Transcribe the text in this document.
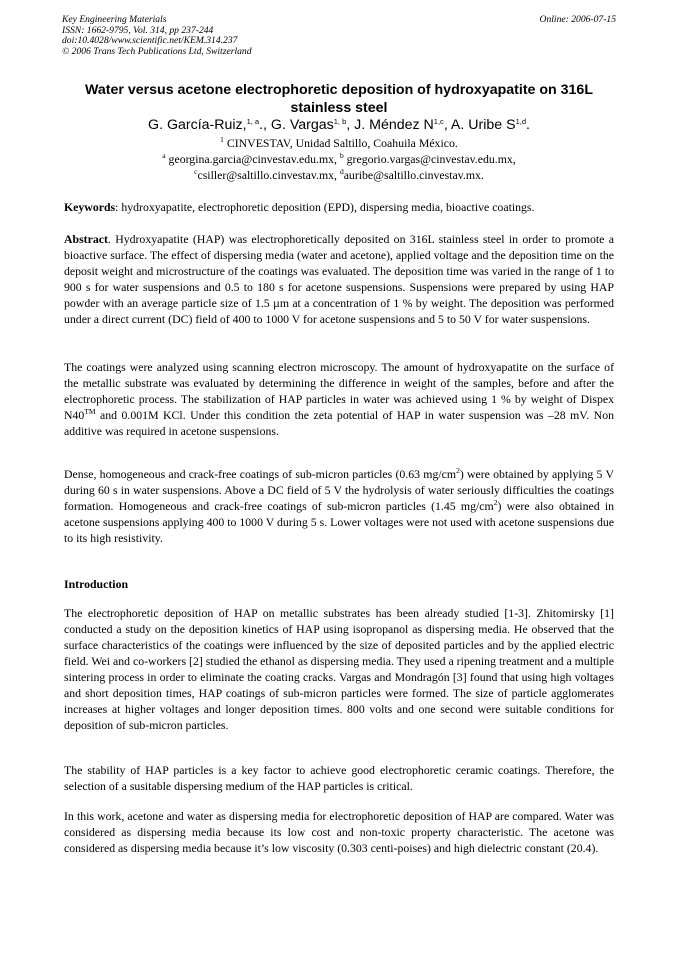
Key Engineering Materials
ISSN: 1662-9795, Vol. 314, pp 237-244
doi:10.4028/www.scientific.net/KEM.314.237
© 2006 Trans Tech Publications Ltd, Switzerland
Online: 2006-07-15
Water versus acetone electrophoretic deposition of hydroxyapatite on 316L stainless steel
G. García-Ruiz,$^{1, a}$., G. Vargas$^{1, b}$, J. Méndez N$^{1,c}$, A. Uribe S$^{1,d}$.
$^1$ CINVESTAV, Unidad Saltillo, Coahuila México.
$^a$ georgina.garcia@cinvestav.edu.mx, $^b$ gregorio.vargas@cinvestav.edu.mx,
$^c$csiller@saltillo.cinvestav.mx, $^d$auribe@saltillo.cinvestav.mx.
Keywords: hydroxyapatite, electrophoretic deposition (EPD), dispersing media, bioactive coatings.
Abstract. Hydroxyapatite (HAP) was electrophoretically deposited on 316L stainless steel in order to promote a bioactive surface. The effect of dispersing media (water and acetone), applied voltage and the deposition time on the deposit weight and microstructure of the coatings was evaluated. The deposition time was varied in the range of 1 to 900 s for water suspensions and 0.5 to 180 s for acetone suspensions. Suspensions were prepared by using HAP powder with an average particle size of 1.5 µm at a concentration of 1 % by weight. The deposition was performed under a direct current (DC) field of 400 to 1000 V for acetone suspensions and 5 to 50 V for water suspensions.
The coatings were analyzed using scanning electron microscopy. The amount of hydroxyapatite on the surface of the metallic substrate was evaluated by determining the difference in weight of the samples, before and after the electrophoretic process. The stabilization of HAP particles in water was achieved using 1 % by weight of Dispex N40™ and 0.001M KCl. Under this condition the zeta potential of HAP in water suspension was –28 mV. Non additive was required in acetone suspensions.
Dense, homogeneous and crack-free coatings of sub-micron particles (0.63 $mg/cm^2$) were obtained by applying 5 V during 60 s in water suspensions. Above a DC field of 5 V the hydrolysis of water seriously difficulties the coatings formation. Homogeneous and crack-free coatings of sub-micron particles (1.45 $mg/cm^2$) were also obtained in acetone suspensions applying 400 to 1000 V during 5 s. Lower voltages were not used with acetone suspensions due to its high resistivity.
Introduction
The electrophoretic deposition of HAP on metallic substrates has been already studied [1-3]. Zhitomirsky [1] conducted a study on the deposition kinetics of HAP using isopropanol as dispersing media. He observed that the surface characteristics of the coatings were influenced by the size of deposited particles and by the applied electric field. Wei and co-workers [2] studied the ethanol as dispersing media. They used a ripening treatment and a multiple sintering process in order to eliminate the coating cracks. Vargas and Mondragón [3] found that using high voltages and short deposition times, HAP coatings of sub-micron particles were formed. The size of particle agglomerates increases at higher voltages and longer deposition times. 800 volts and one second were suitable conditions for deposition of sub-micron particles.
The stability of HAP particles is a key factor to achieve good electrophoretic ceramic coatings. Therefore, the selection of a susitable dispersing medium of the HAP particles is critical.
In this work, acetone and water as dispersing media for electrophoretic deposition of HAP are compared. Water was considered as dispersing media because its low cost and non-toxic property characteristic. The acetone was considered as dispersing media because it’s low viscosity (0.303 centi-poises) and high dielectric constant (20.4).
